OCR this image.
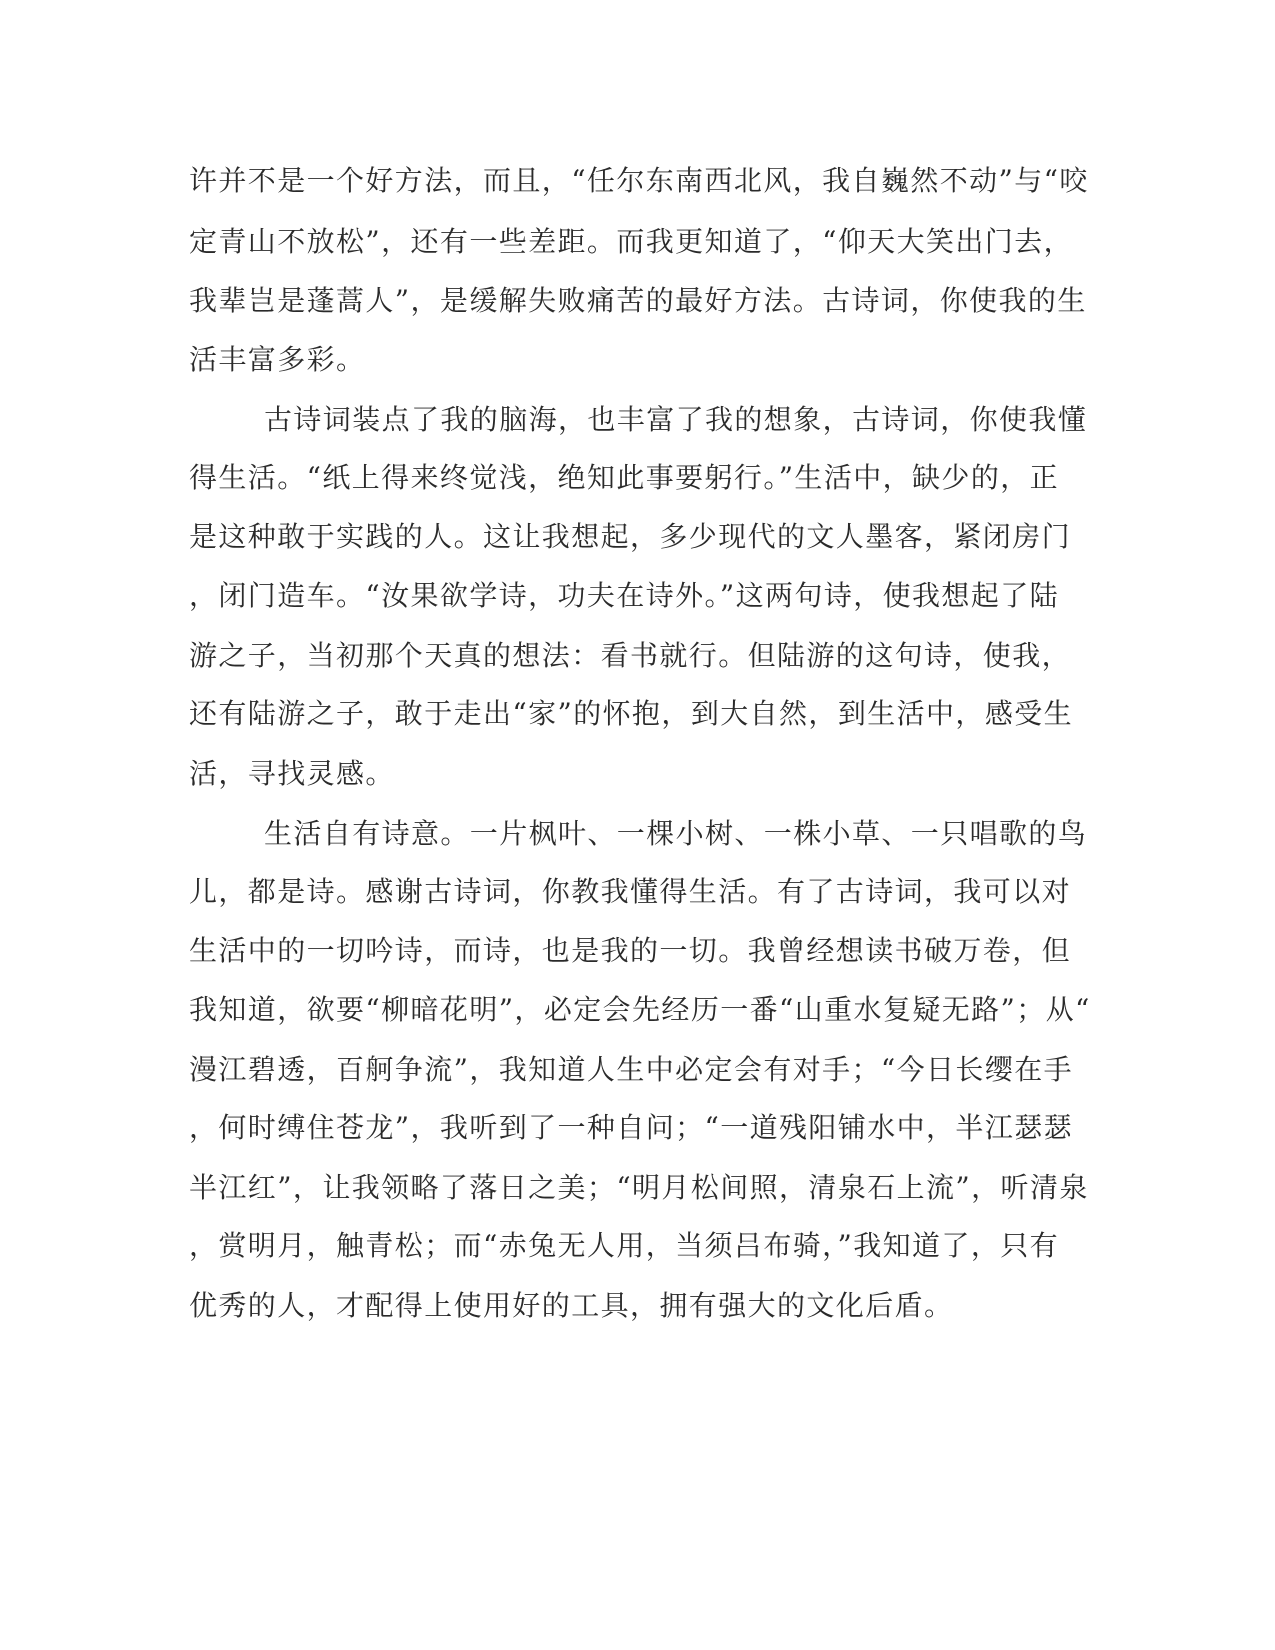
许并不是一个好方法，而且，“任尔东南西北风，我自巍然不动”与“咬

定青山不放松”，还有一些差距。而我更知道了，“仰天大笑出门去，

我辈岂是蓬蒿人”，是缓解失败痛苦的最好方法。古诗词，你使我的生

活丰富多彩。

古诗词装点了我的脑海，也丰富了我的想象，古诗词，你使我懂

得生活。“纸上得来终觉浅，绝知此事要躬行。”生活中，缺少的，正

是这种敢于实践的人。这让我想起，多少现代的文人墨客，紧闭房门

，闭门造车。“汝果欲学诗，功夫在诗外。”这两句诗，使我想起了陆

游之子，当初那个天真的想法：看书就行。但陆游的这句诗，使我，

还有陆游之子，敢于走出“家”的怀抱，到大自然，到生活中，感受生

活，寻找灵感。

生活自有诗意。一片枫叶、一棵小树、一株小草、一只唱歌的鸟

儿，都是诗。感谢古诗词，你教我懂得生活。有了古诗词，我可以对

生活中的一切吟诗，而诗，也是我的一切。我曾经想读书破万卷，但

我知道，欲要“柳暗花明”，必定会先经历一番“山重水复疑无路”；从“

漫江碧透，百舸争流”，我知道人生中必定会有对手；“今日长缨在手

，何时缚住苍龙”，我听到了一种自问；“一道残阳铺水中，半江瑟瑟

半江红”，让我领略了落日之美；“明月松间照，清泉石上流”，听清泉

，赏明月，触青松；而“赤兔无人用，当须吕布骑，”我知道了，只有

优秀的人，才配得上使用好的工具，拥有强大的文化后盾。
